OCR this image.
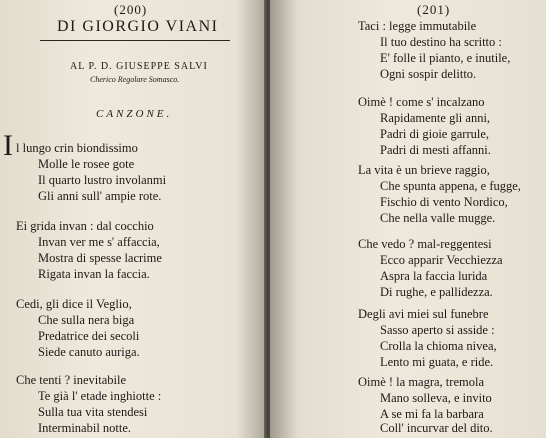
(200)
DI GIORGIO VIANI
AL P. D. GIUSEPPE SALVI
Cherico Regolare Somasco.
CANZONE.
I l lungo crin biondissimo
Molle le rosee gote
Il quarto lustro involanmi
Gli anni sull' ampie rote.
Ei grida invan : dal cocchio
Invan ver me s' affaccia,
Mostra di spesse lacrime
Rigata invan la faccia.
Cedi, gli dice il Veglio,
Che sulla nera biga
Predatrice dei secoli
Siede canuto auriga.
Che tenti ? inevitabile
Te già l' etade inghiotte :
Sulla tua vita stendesi
Interminabil notte.
(201)
Taci : legge immutabile
Il tuo destino ha scritto :
E' folle il pianto, e inutile,
Ogni sospir delitto.
Oimè ! come s' incalzano
Rapidamente gli anni,
Padri di gioie garrule,
Padri di mesti affanni.
La vita è un brieve raggio,
Che spunta appena, e fugge,
Fischio di vento Nordico,
Che nella valle mugge.
Che vedo ? mal-reggentesi
Ecco apparir Vecchiezza
Aspra la faccia lurida
Di rughe, e pallidezza.
Degli avi miei sul funebre
Sasso aperto si asside :
Crolla la chioma nivea,
Lento mi guata, e ride.
Oimè ! la magra, tremola
Mano solleva, e invito
A se mi fa la barbara
Coll' incurvar del dito.
